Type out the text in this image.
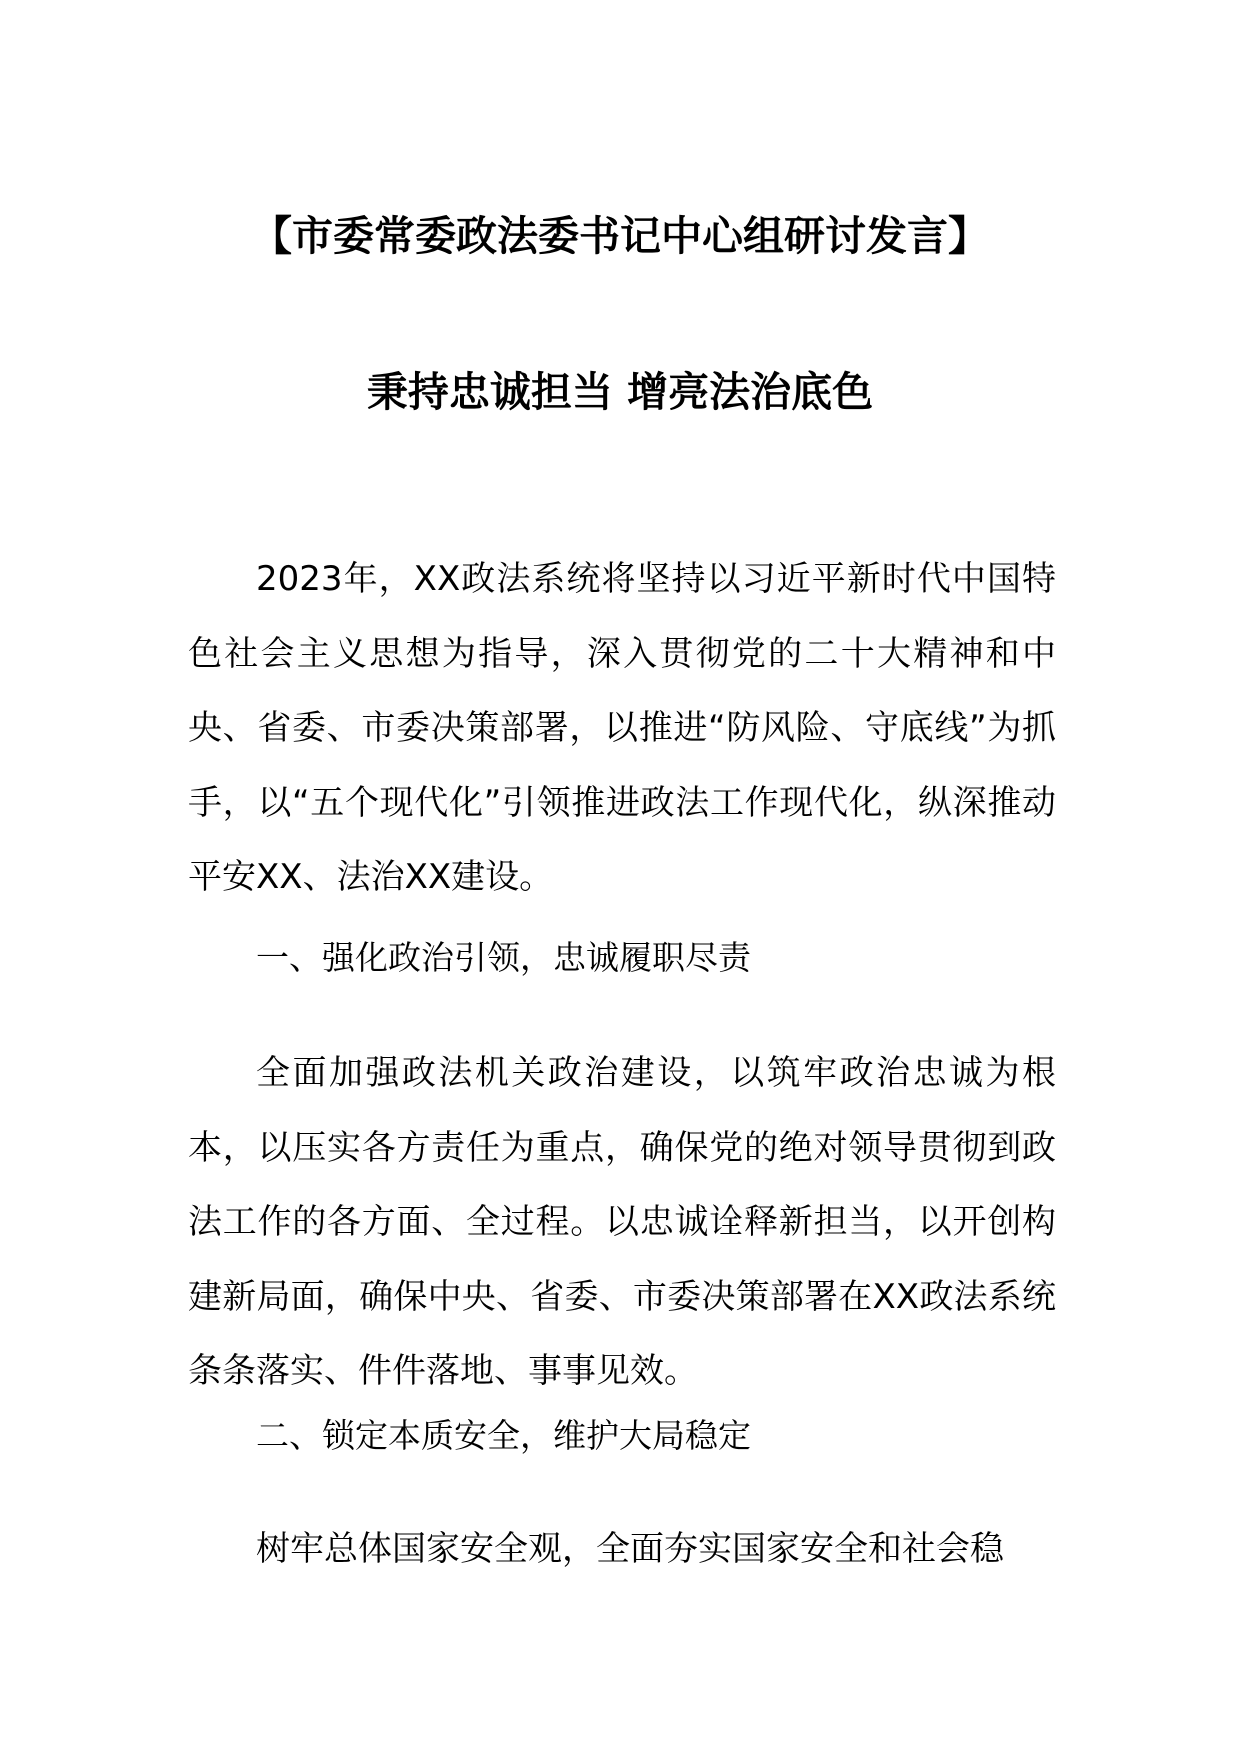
【市委常委政法委书记中心组研讨发言】
秉持忠诚担当 增亮法治底色

2023年，XX政法系统将坚持以习近平新时代中国特色社会主义思想为指导，深入贯彻党的二十大精神和中央、省委、市委决策部署，以推进“防风险、守底线”为抓手，以“五个现代化”引领推进政法工作现代化，纵深推动平安XX、法治XX建设。

一、强化政治引领，忠诚履职尽责

全面加强政法机关政治建设，以筑牢政治忠诚为根本，以压实各方责任为重点，确保党的绝对领导贯彻到政法工作的各方面、全过程。以忠诚诠释新担当，以开创构建新局面，确保中央、省委、市委决策部署在XX政法系统条条落实、件件落地、事事见效。

二、锁定本质安全，维护大局稳定

树牢总体国家安全观，全面夯实国家安全和社会稳
